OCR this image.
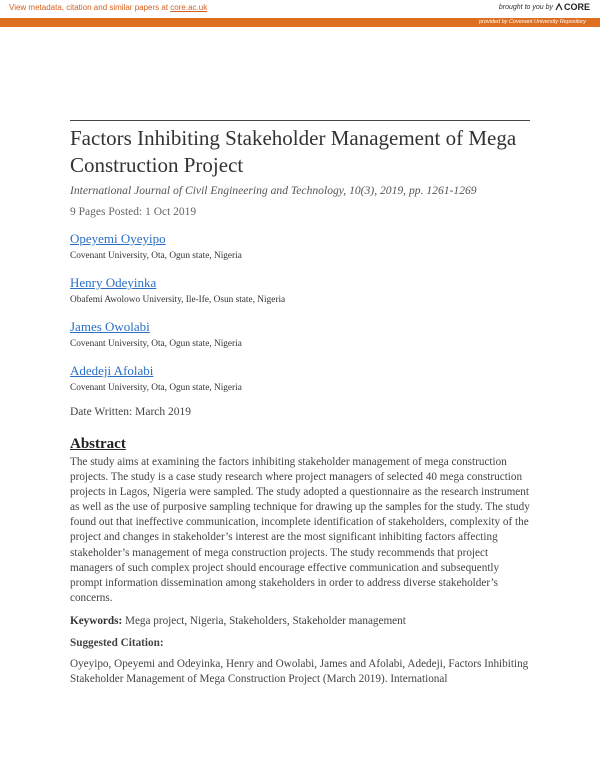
View metadata, citation and similar papers at core.ac.uk	brought to you by CORE
provided by Covenant University Repository
Factors Inhibiting Stakeholder Management of Mega Construction Project
International Journal of Civil Engineering and Technology, 10(3), 2019, pp. 1261-1269
9 Pages Posted: 1 Oct 2019
Opeyemi Oyeyipo
Covenant University, Ota, Ogun state, Nigeria
Henry Odeyinka
Obafemi Awolowo University, Ile-Ife, Osun state, Nigeria
James Owolabi
Covenant University, Ota, Ogun state, Nigeria
Adedeji Afolabi
Covenant University, Ota, Ogun state, Nigeria
Date Written: March 2019
Abstract
The study aims at examining the factors inhibiting stakeholder management of mega construction projects. The study is a case study research where project managers of selected 40 mega construction projects in Lagos, Nigeria were sampled. The study adopted a questionnaire as the research instrument as well as the use of purposive sampling technique for drawing up the samples for the study. The study found out that ineffective communication, incomplete identification of stakeholders, complexity of the project and changes in stakeholder’s interest are the most significant inhibiting factors affecting stakeholder’s management of mega construction projects. The study recommends that project managers of such complex project should encourage effective communication and subsequently prompt information dissemination among stakeholders in order to address diverse stakeholder’s concerns.
Keywords: Mega project, Nigeria, Stakeholders, Stakeholder management
Suggested Citation:
Oyeyipo, Opeyemi and Odeyinka, Henry and Owolabi, James and Afolabi, Adedeji, Factors Inhibiting Stakeholder Management of Mega Construction Project (March 2019). International
